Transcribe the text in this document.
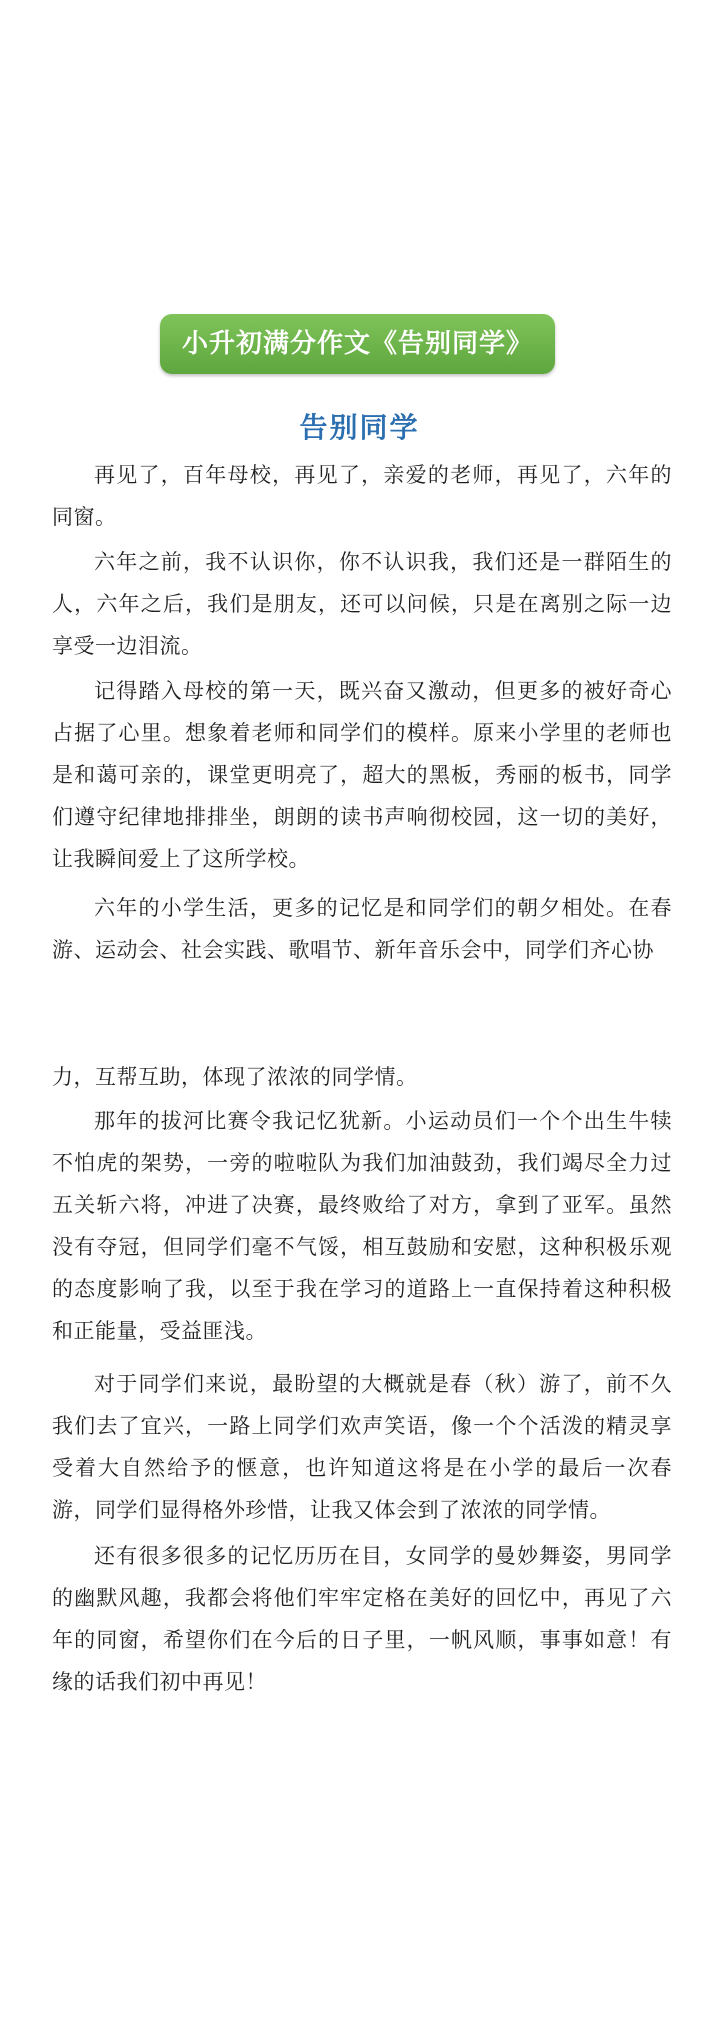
小升初满分作文《告别同学》
告别同学

再见了，百年母校，再见了，亲爱的老师，再见了，六年的同窗。

六年之前，我不认识你，你不认识我，我们还是一群陌生的人，六年之后，我们是朋友，还可以问候，只是在离别之际一边享受一边泪流。

记得踏入母校的第一天，既兴奋又激动，但更多的被好奇心占据了心里。想象着老师和同学们的模样。原来小学里的老师也是和蔼可亲的，课堂更明亮了，超大的黑板，秀丽的板书，同学们遵守纪律地排排坐，朗朗的读书声响彻校园，这一切的美好，让我瞬间爱上了这所学校。

六年的小学生活，更多的记忆是和同学们的朝夕相处。在春游、运动会、社会实践、歌唱节、新年音乐会中，同学们齐心协

力，互帮互助，体现了浓浓的同学情。

那年的拔河比赛令我记忆犹新。小运动员们一个个出生牛犊不怕虎的架势，一旁的啦啦队为我们加油鼓劲，我们竭尽全力过五关斩六将，冲进了决赛，最终败给了对方，拿到了亚军。虽然没有夺冠，但同学们毫不气馁，相互鼓励和安慰，这种积极乐观的态度影响了我，以至于我在学习的道路上一直保持着这种积极和正能量，受益匪浅。

对于同学们来说，最盼望的大概就是春（秋）游了，前不久我们去了宜兴，一路上同学们欢声笑语，像一个个活泼的精灵享受着大自然给予的惬意，也许知道这将是在小学的最后一次春游，同学们显得格外珍惜，让我又体会到了浓浓的同学情。

还有很多很多的记忆历历在目，女同学的曼妙舞姿，男同学的幽默风趣，我都会将他们牢牢定格在美好的回忆中，再见了六年的同窗，希望你们在今后的日子里，一帆风顺，事事如意！有缘的话我们初中再见！
